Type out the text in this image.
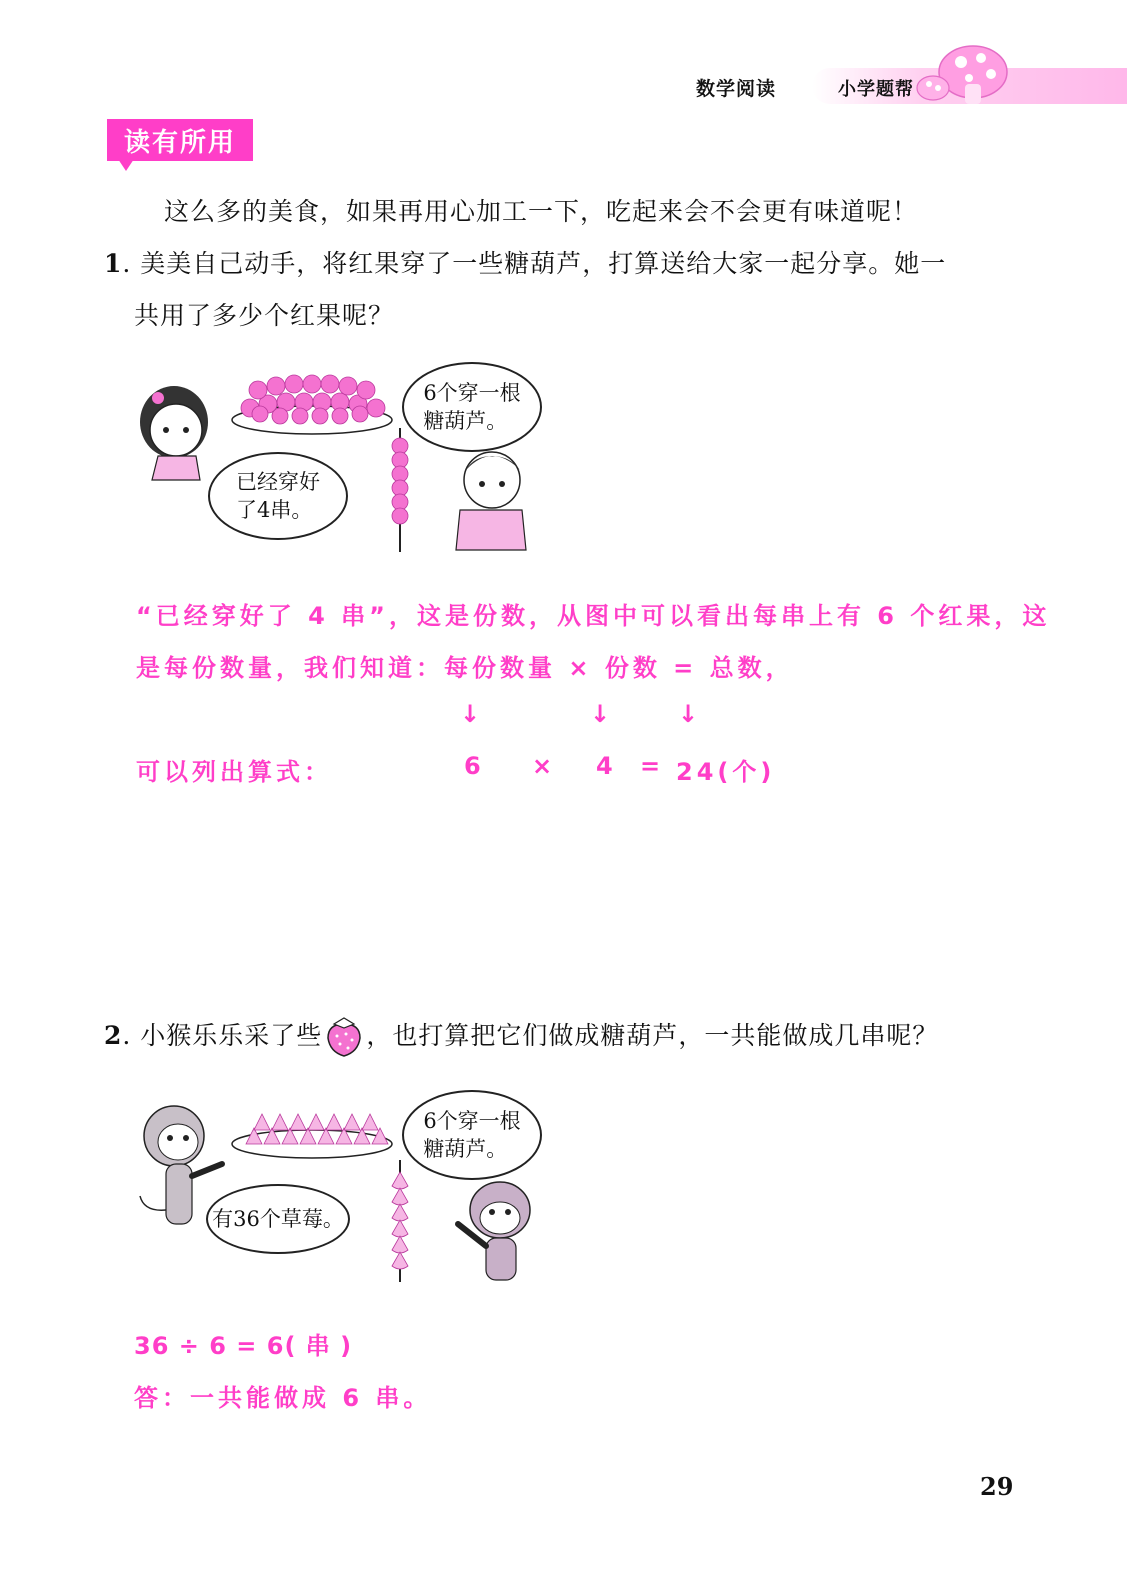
数学阅读	小学题帮
读有所用
这么多的美食，如果再用心加工一下，吃起来会不会更有味道呢！
1. 美美自己动手，将红果穿了一些糖葫芦，打算送给大家一起分享。她一
共用了多少个红果呢？
6个穿一根
糖葫芦。
已经穿好
了4串。
“已经穿好了 4 串”，这是份数，从图中可以看出每串上有 6 个红果，这
是每份数量，我们知道：每份数量 × 份数 = 总数，
↓	↓	↓
可以列出算式：	6 × 4 = 24(个)
2 . 小猴乐乐采了些 ，也打算把它们做成糖葫芦，一共能做成几串呢？
6个穿一根
糖葫芦。
有36个草莓。
36 ÷ 6 = 6( 串 )
答：一共能做成 6 串。
29
